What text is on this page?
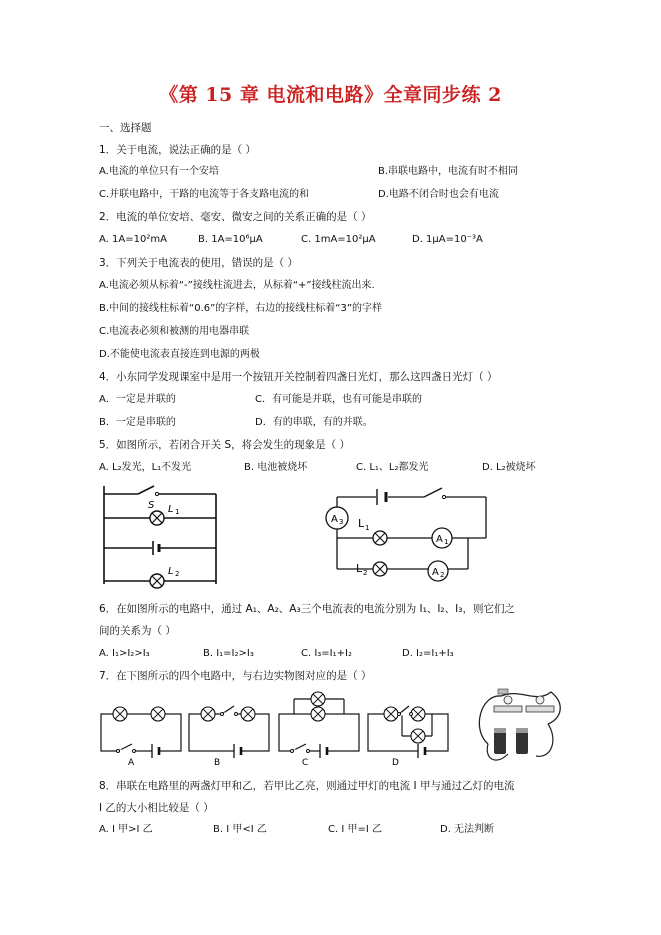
《第 15 章 电流和电路》全章同步练 2
一、选择题
1．关于电流，说法正确的是（ ）
A.电流的单位只有一个安培	B.串联电路中，电流有时不相同
C.并联电路中，干路的电流等于各支路电流的和	D.电路不闭合时也会有电流
2．电流的单位安培、毫安、微安之间的关系正确的是（ ）
A. 1A=10²mA	B. 1A=10⁶μA	C. 1mA=10²μA	D. 1μA=10⁻³A
3．下列关于电流表的使用，错误的是（ ）
A.电流必须从标着“-”接线柱流进去，从标着“+”接线柱流出来.
B.中间的接线柱标着“0.6”的字样，右边的接线柱标着“3”的字样
C.电流表必须和被测的用电器串联
D.不能使电流表直接连到电源的两极
4．小东同学发现课室中是用一个按钮开关控制着四盏日光灯，那么这四盏日光灯（ ）
A．一定是并联的	C．有可能是并联，也有可能是串联的
B．一定是串联的	D．有的串联，有的并联。
5．如图所示，若闭合开关 S，将会发生的现象是（ ）
A. L₂发光，L₁不发光	B. 电池被烧坏	C. L₁、L₂都发光	D. L₂被烧坏
S L 1
L 2
A 3 L 1
A 1
L 2	A 2
6．在如图所示的电路中，通过 A₁、A₂、A₃三个电流表的电流分别为 I₁、I₂、I₃，则它们之
间的关系为（ ）
A. I₁>I₂>I₃	B. I₁=I₂>I₃	C. I₃=I₁+I₂	D. I₂=I₁+I₃
7．在下图所示的四个电路中，与右边实物图对应的是（ ）
A	B	C	D
8．串联在电路里的两盏灯甲和乙，若甲比乙亮，则通过甲灯的电流 I 甲与通过乙灯的电流
I 乙的大小相比较是（ ）
A. I 甲>I 乙	B. I 甲<I 乙	C. I 甲=I 乙	D. 无法判断
